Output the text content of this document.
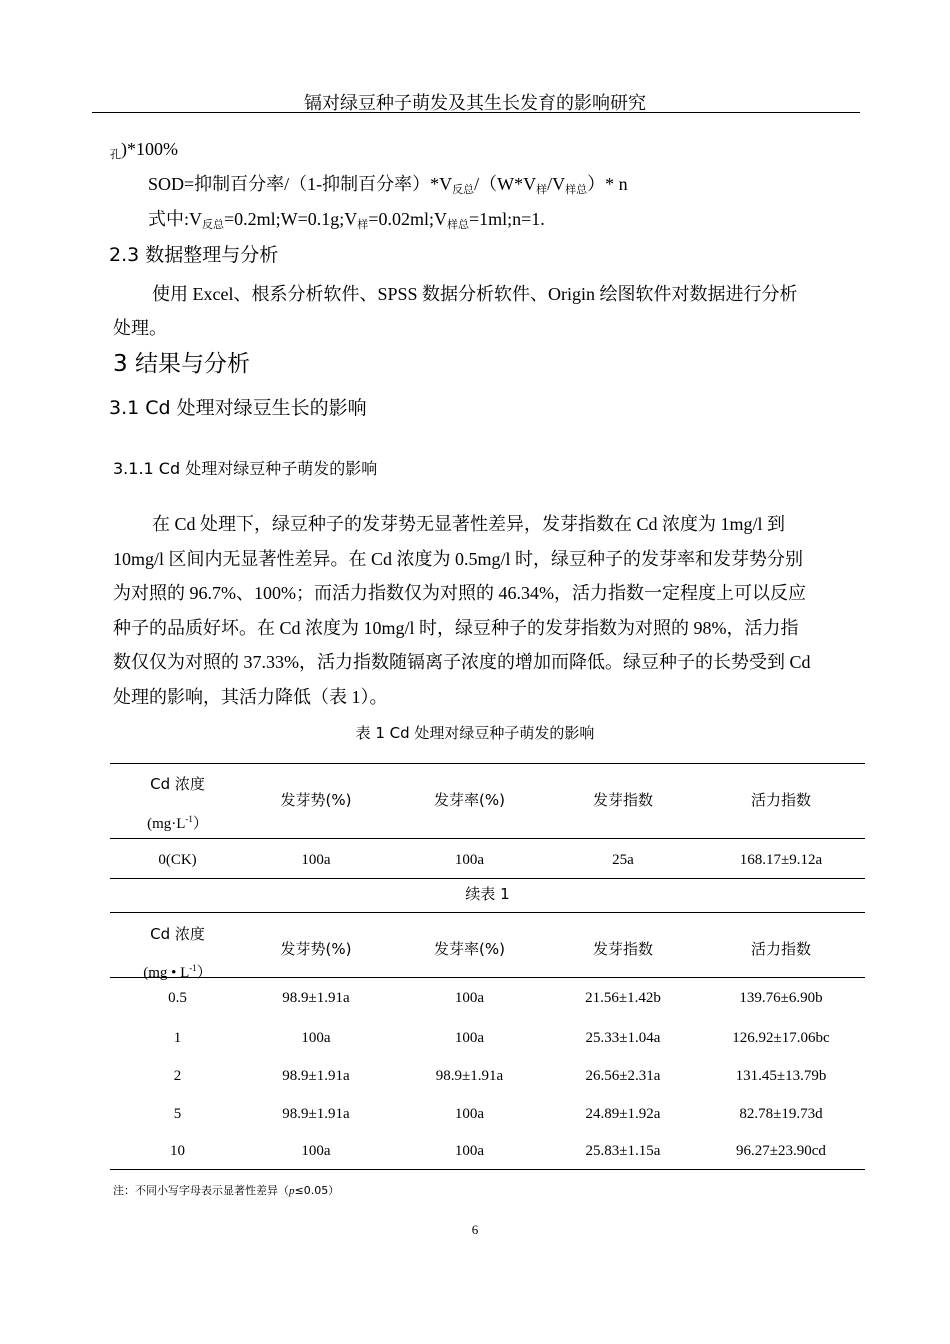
镉对绿豆种子萌发及其生长发育的影响研究
$_孔$)*100%
SOD=抑制百分率/（1-抑制百分率）$*V_{反总}/(W*V_样/V_{样总})*$ n
式中$:V_{反总}=0.2ml;W=0.1g;V_样=0.02ml;V_{样总}=1ml;n=1$.
2.3 数据整理与分析
使用 Excel、根系分析软件、SPSS 数据分析软件、Origin 绘图软件对数据进行分析
处理。
3 结果与分析
3.1 Cd 处理对绿豆生长的影响
3.1.1 Cd 处理对绿豆种子萌发的影响
在 Cd 处理下，绿豆种子的发芽势无显著性差异，发芽指数在 Cd 浓度为 1mg/l 到
10mg/l 区间内无显著性差异。在 Cd 浓度为 0.5mg/l 时，绿豆种子的发芽率和发芽势分别
为对照的 96.7%、100%；而活力指数仅为对照的 46.34%，活力指数一定程度上可以反应
种子的品质好坏。在 Cd 浓度为 10mg/l 时，绿豆种子的发芽指数为对照的 98%，活力指
数仅仅为对照的 37.33%，活力指数随镉离子浓度的增加而降低。绿豆种子的长势受到 Cd
处理的影响，其活力降低（表 1）。
表 1 Cd 处理对绿豆种子萌发的影响
Cd 浓度
$(mg\cdot L^{-1})$
发芽势(%)	发芽率(%)	发芽指数	活力指数
0(CK)	100a	100a	25a	168.17±9.12a
续表 1
Cd 浓度
(mg • $L^{-1}$）
发芽势(%)	发芽率(%)	发芽指数	活力指数
0.5	98.9±1.91a	100a	21.56±1.42b	139.76±6.90b
1	100a	100a	25.33±1.04a	126.92±17.06bc
2	98.9±1.91a	98.9±1.91a	26.56±2.31a	131.45±13.79b
5	98.9±1.91a	100a	24.89±1.92a	82.78±19.73d
10	100a	100a	25.83±1.15a	96.27±23.90cd
注：不同小写字母表示显著性差异（p≤0.05）
6
